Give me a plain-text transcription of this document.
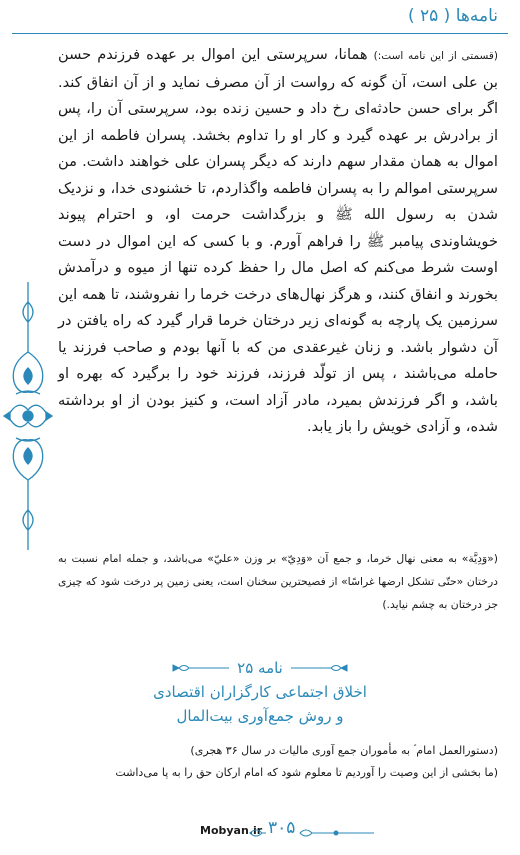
نامه‌ها ( ۲۵ )
(قسمتی از این نامه است:) همانا، سرپرستی این اموال بر عهده فرزندم حسن بن علی است، آن گونه که رواست از آن مصرف نماید و از آن انفاق کند. اگر برای حسن حادثه‌ای رخ داد و حسین زنده بود، سرپرستی آن را، پس از برادرش بر عهده گیرد و کار او را تداوم بخشد. پسران فاطمه از این اموال به همان مقدار سهم دارند که دیگر پسران علی خواهند داشت. من سرپرستی اموالم را به پسران فاطمه واگذاردم، تا خشنودی خدا، و نزدیک شدن به رسول الله ﷺ و بزرگداشت حرمت او، و احترام پیوند خویشاوندی پیامبر ﷺ را فراهم آورم. و با کسی که این اموال در دست اوست شرط می‌کنم که اصل مال را حفظ کرده تنها از میوه و درآمدش بخورند و انفاق کنند، و هرگز نهال‌های درخت خرما را نفروشند، تا همه این سرزمین یک پارچه به گونه‌ای زیر درختان خرما قرار گیرد که راه یافتن در آن دشوار باشد. و زنان غیرعقدی من که با آنها بودم و صاحب فرزند یا حامله می‌باشند ، پس از تولّد فرزند، فرزند خود را برگیرد که بهره او باشد، و اگر فرزندش بمیرد، مادر آزاد است، و کنیز بودن از او برداشته شده، و آزادی خویش را باز یابد.
(«وَدِيَّة» به معنی نهال خرما، و جمع آن «وَدِيّ» بر وزن «عليّ» می‌باشد، و جمله امام نسبت به درختان «حتّی تشکل ارضها غراسًا» از فصیحترین سخنان است، یعنی زمین پر درخت شود که چیزی جز درختان به چشم نیاید.)
نامه ۲۵
اخلاق اجتماعی کارگزاران اقتصادی
و روش جمع‌آوری بیت‌المال
(دستورالعمل امام ؑ به مأموران جمع آوری مالیات در سال ۳۶ هجری)
(ما بخشی از این وصیت را آوردیم تا معلوم شود که امام ارکان حق را به پا می‌داشت
Mobyan.ir ۳۰۵
